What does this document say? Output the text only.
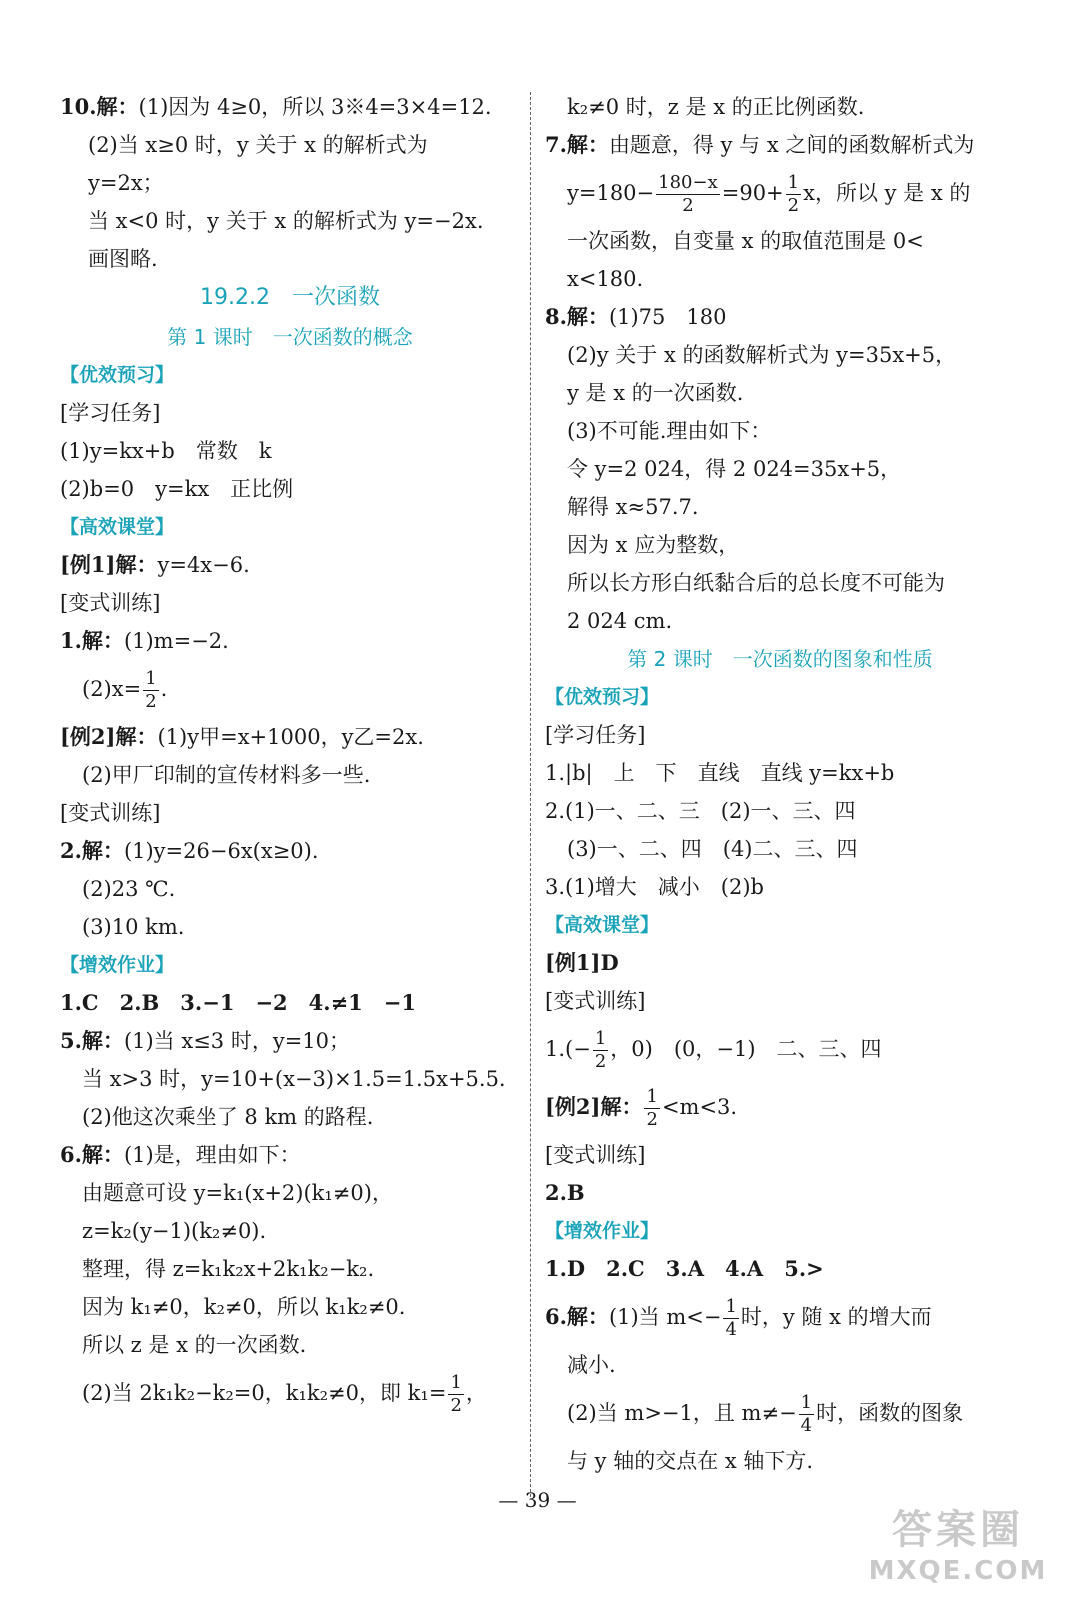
10.解：(1)因为 4≥0，所以 3※4=3×4=12.
(2)当 x≥0 时，y 关于 x 的解析式为
y=2x；
当 x<0 时，y 关于 x 的解析式为 y=−2x.
画图略.
19.2.2　一次函数
第 1 课时　一次函数的概念
【优效预习】
[学习任务]
(1)y=kx+b　常数　k
(2)b=0　y=kx　正比例
【高效课堂】
[例1]解：y=4x−6.
[变式训练]
1.解：(1)m=−2.
$(2)x= \frac{1}{2}$ .
[例2]解：(1)y甲=x+1000，y乙=2x.
(2)甲厂印制的宣传材料多一些.
[变式训练]
2.解：(1)y=26−6x(x≥0).
(2)23 ℃.
(3)10 km.
【增效作业】
1.C　2.B　3.−1　−2　4.≠1　−1
5.解：(1)当 x≤3 时，y=10；
当 x>3 时，y=10+(x−3)×1.5=1.5x+5.5.
(2)他这次乘坐了 8 km 的路程.
6.解：(1)是，理由如下：
由题意可设 y=k₁(x+2)(k₁≠0)，
z=k₂(y−1)(k₂≠0).
整理，得 z=k₁k₂x+2k₁k₂−k₂.
因为 k₁≠0，k₂≠0，所以 k₁k₂≠0.
所以 z 是 x 的一次函数.
(2)当 2k₁k₂−k₂=0，k₁k₂≠0，即 $k_1= \frac{1}{2}$ ，
k₂≠0 时，z 是 x 的正比例函数.
7.解：由题意，得 y 与 x 之间的函数解析式为
$y=180- \frac{180-x}{2} =90+ \frac{1}{2}$ x，所以 y 是 x 的
一次函数，自变量 x 的取值范围是 0<
x<180.
8.解：(1)75　180
(2)y 关于 x 的函数解析式为 y=35x+5，
y 是 x 的一次函数.
(3)不可能.理由如下：
令 y=2 024，得 2 024=35x+5，
解得 x≈57.7.
因为 x 应为整数，
所以长方形白纸黏合后的总长度不可能为
2 024 cm.
第 2 课时　一次函数的图象和性质
【优效预习】
[学习任务]
1.|b|　上　下　直线　直线 y=kx+b
2.(1)一、二、三　(2)一、三、四
(3)一、二、四　(4)二、三、四
3.(1)增大　减小　(2)b
【高效课堂】
[例1]D
[变式训练]
$1.(- \frac{1}{2}$ ，0)　(0，−1)　二、三、四
[例2]解： $\frac{1}{2} <m<3$.
[变式训练]
2.B
【增效作业】
1.D　2.C　3.A　4.A　5.>
6.解：(1)当 $m<- \frac{1}{4}$ 时，y 随 x 的增大而
减小.
(2)当 m>−1，且 $m\ne- \frac{1}{4}$ 时，函数的图象
与 y 轴的交点在 x 轴下方.
— 39 —
答案圈
MXQE.COM
